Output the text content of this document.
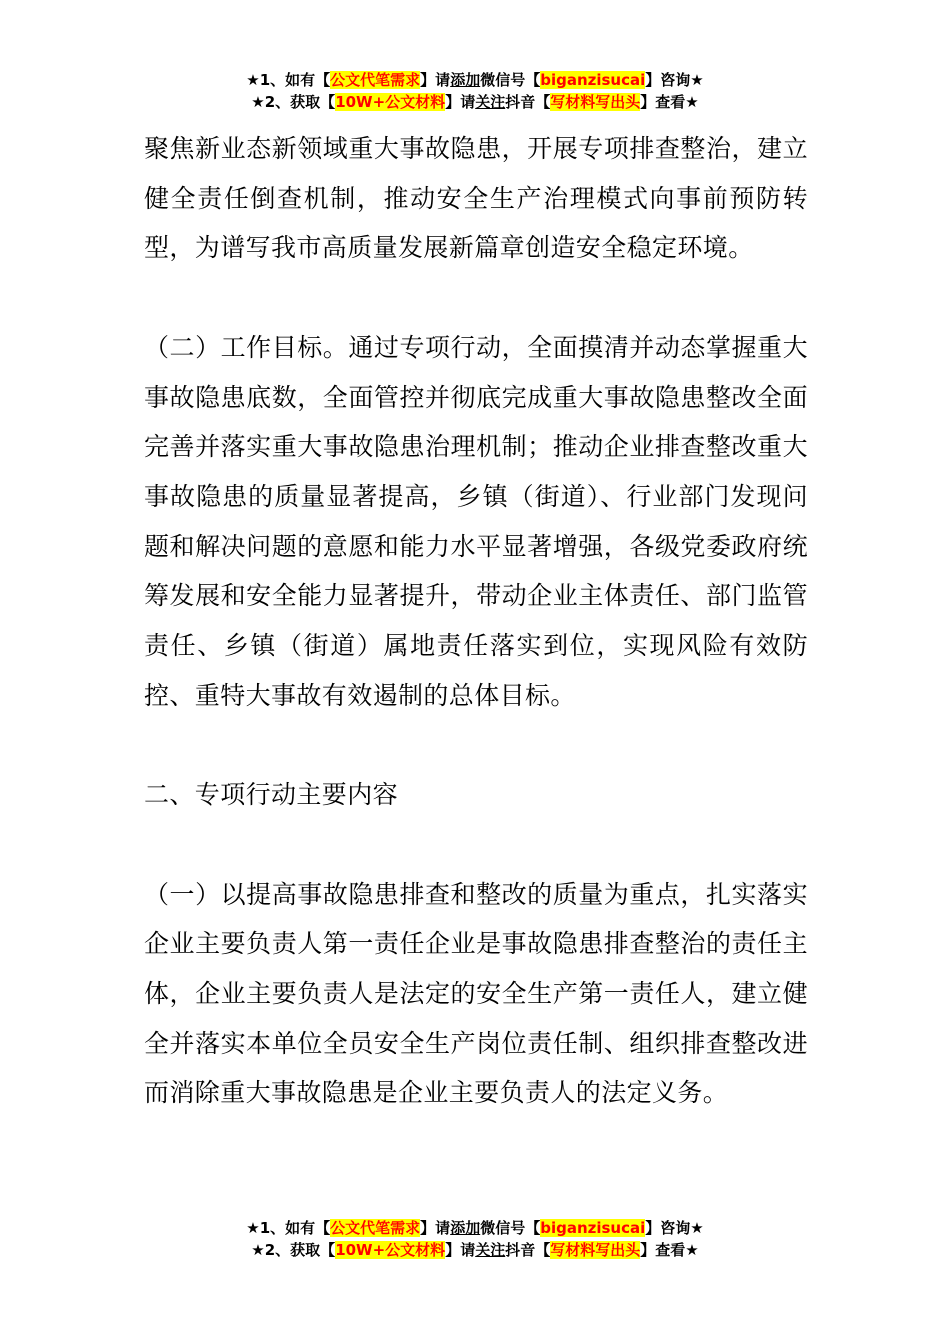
★1、如有【公文代笔需求】请添加微信号【biganzisucai】咨询★
★2、获取【10W+公文材料】请关注抖音【写材料写出头】查看★

聚焦新业态新领域重大事故隐患，开展专项排查整治，建立健全责任倒查机制，推动安全生产治理模式向事前预防转型，为谱写我市高质量发展新篇章创造安全稳定环境。

（二）工作目标。通过专项行动，全面摸清并动态掌握重大事故隐患底数，全面管控并彻底完成重大事故隐患整改全面完善并落实重大事故隐患治理机制；推动企业排查整改重大事故隐患的质量显著提高，乡镇（街道）、行业部门发现问题和解决问题的意愿和能力水平显著增强，各级党委政府统筹发展和安全能力显著提升，带动企业主体责任、部门监管责任、乡镇（街道）属地责任落实到位，实现风险有效防控、重特大事故有效遏制的总体目标。

二、专项行动主要内容

（一）以提高事故隐患排查和整改的质量为重点，扎实落实企业主要负责人第一责任企业是事故隐患排查整治的责任主体，企业主要负责人是法定的安全生产第一责任人，建立健全并落实本单位全员安全生产岗位责任制、组织排查整改进而消除重大事故隐患是企业主要负责人的法定义务。

★1、如有【公文代笔需求】请添加微信号【biganzisucai】咨询★
★2、获取【10W+公文材料】请关注抖音【写材料写出头】查看★
